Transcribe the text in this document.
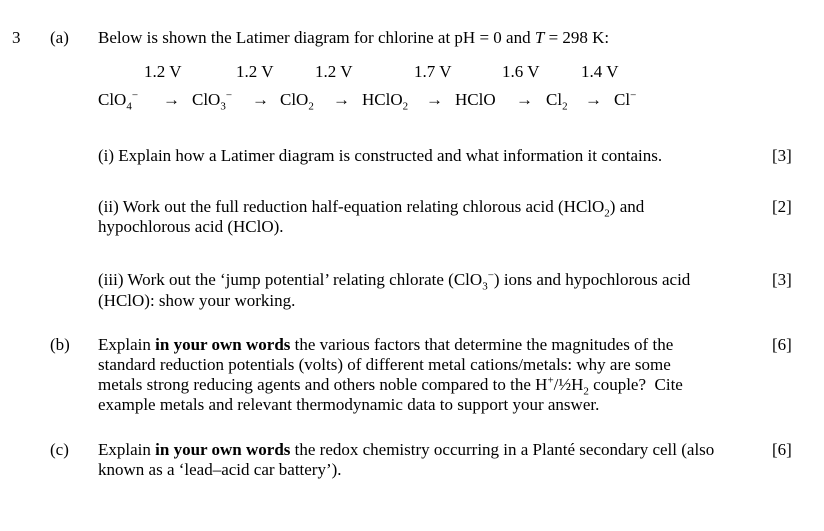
3 (a) Below is shown the Latimer diagram for chlorine at pH = 0 and T = 298 K:
1.2 V	1.2 V 1.2 V	1.7 V	1.6 V 1.4 V
ClO$_4$− → ClO$_3$− → ClO$_2$ → HClO$_2$ → HClO → $Cl_2 \to Cl^-$
(i) Explain how a Latimer diagram is constructed and what information it contains.	[3]
(ii) Work out the full reduction half-equation relating chlorous acid (HClO$_2$) and
hypochlorous acid (HClO).
[2]
(iii) Work out the ‘jump potential’ relating chlorate (ClO$_3$−) ions and hypochlorous acid
(HClO): show your working.
[3]
(b) Explain in your own words the various factors that determine the magnitudes of the
standard reduction potentials (volts) of different metal cations/metals: why are some
metals strong reducing agents and others noble compared to the $H^+/\frac{1}{2}H_2$ couple?  Cite
example metals and relevant thermodynamic data to support your answer.
[6]
(c) Explain in your own words the redox chemistry occurring in a Planté secondary cell (also
known as a ‘lead–acid car battery’).
[6]
